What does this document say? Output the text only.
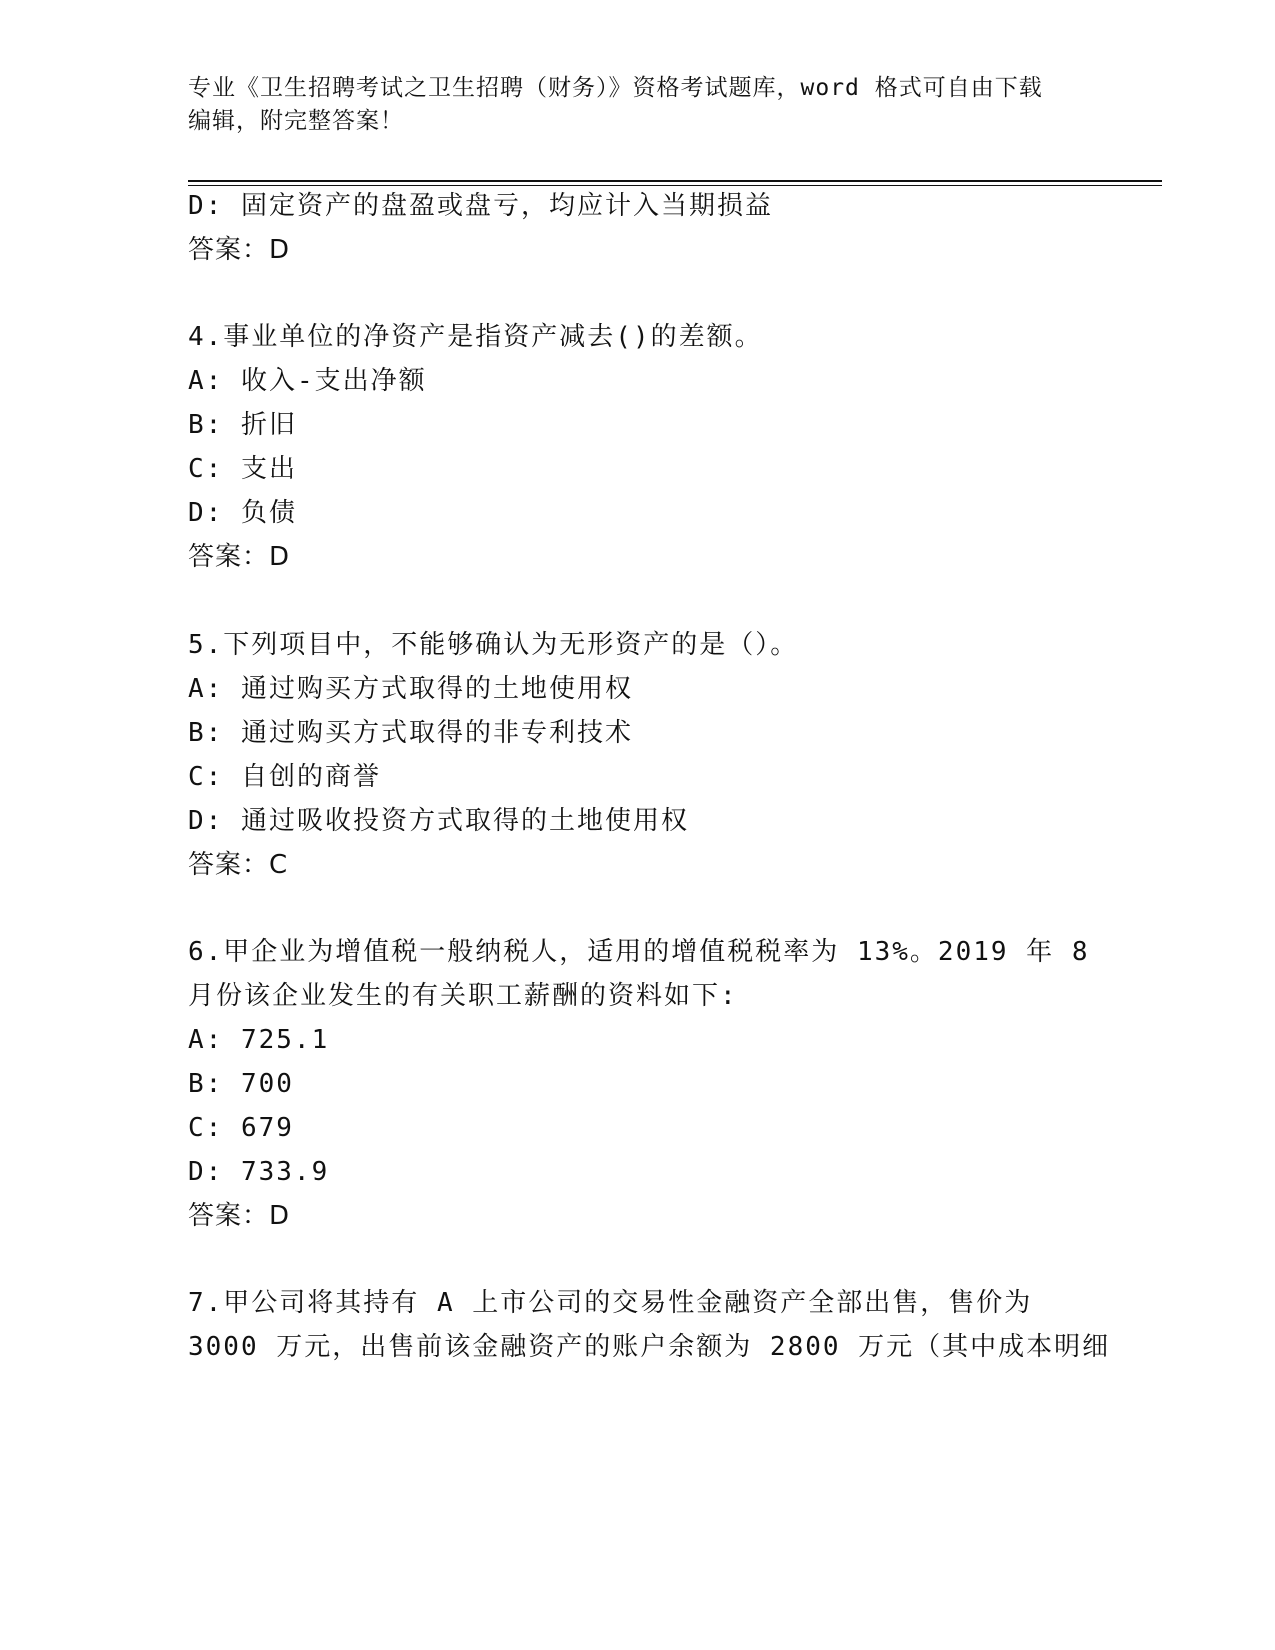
专业《卫生招聘考试之卫生招聘（财务）》资格考试题库，word 格式可自由下载
编辑，附完整答案！
D: 固定资产的盘盈或盘亏，均应计入当期损益
答案：D
4.事业单位的净资产是指资产减去()的差额。
A: 收入-支出净额
B: 折旧
C: 支出
D: 负债
答案：D
5.下列项目中，不能够确认为无形资产的是（）。
A: 通过购买方式取得的土地使用权
B: 通过购买方式取得的非专利技术
C: 自创的商誉
D: 通过吸收投资方式取得的土地使用权
答案：C
6.甲企业为增值税一般纳税人，适用的增值税税率为 13%。2019 年 8
月份该企业发生的有关职工薪酬的资料如下:
A: 725.1
B: 700
C: 679
D: 733.9
答案：D
7.甲公司将其持有 A 上市公司的交易性金融资产全部出售，售价为
3000 万元，出售前该金融资产的账户余额为 2800 万元（其中成本明细
